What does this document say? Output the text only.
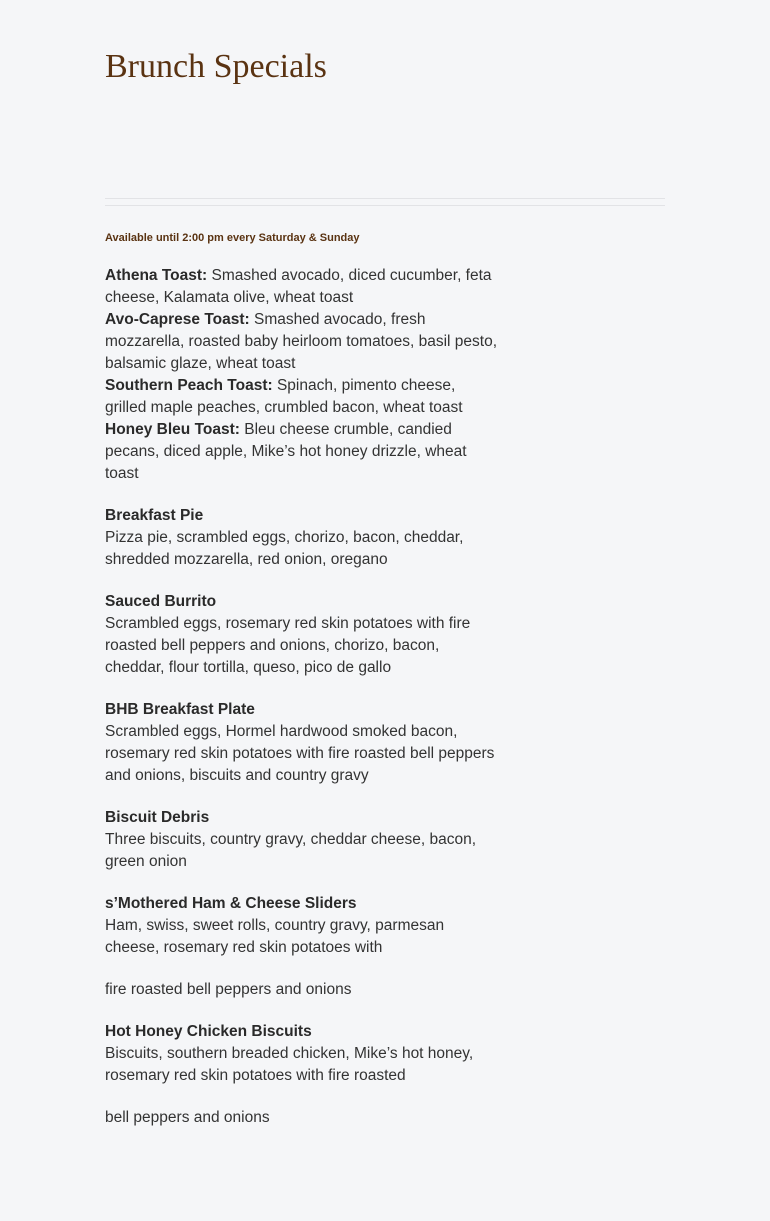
Brunch Specials
Available until 2:00 pm every Saturday & Sunday

Athena Toast: Smashed avocado, diced cucumber, feta cheese, Kalamata olive, wheat toast

Avo-Caprese Toast: Smashed avocado, fresh mozzarella, roasted baby heirloom tomatoes, basil pesto, balsamic glaze, wheat toast

Southern Peach Toast: Spinach, pimento cheese, grilled maple peaches, crumbled bacon, wheat toast

Honey Bleu Toast: Bleu cheese crumble, candied pecans, diced apple, Mike’s hot honey drizzle, wheat toast

Breakfast Pie

Pizza pie, scrambled eggs, chorizo, bacon, cheddar, shredded mozzarella, red onion, oregano

Sauced Burrito

Scrambled eggs, rosemary red skin potatoes with fire roasted bell peppers and onions, chorizo, bacon, cheddar, flour tortilla, queso, pico de gallo

BHB Breakfast Plate

Scrambled eggs, Hormel hardwood smoked bacon, rosemary red skin potatoes with fire roasted bell peppers and onions, biscuits and country gravy

Biscuit Debris

Three biscuits, country gravy, cheddar cheese, bacon, green onion

s’Mothered Ham & Cheese Sliders

Ham, swiss, sweet rolls, country gravy, parmesan cheese, rosemary red skin potatoes with

fire roasted bell peppers and onions

Hot Honey Chicken Biscuits

Biscuits, southern breaded chicken, Mike’s hot honey, rosemary red skin potatoes with fire roasted

bell peppers and onions
